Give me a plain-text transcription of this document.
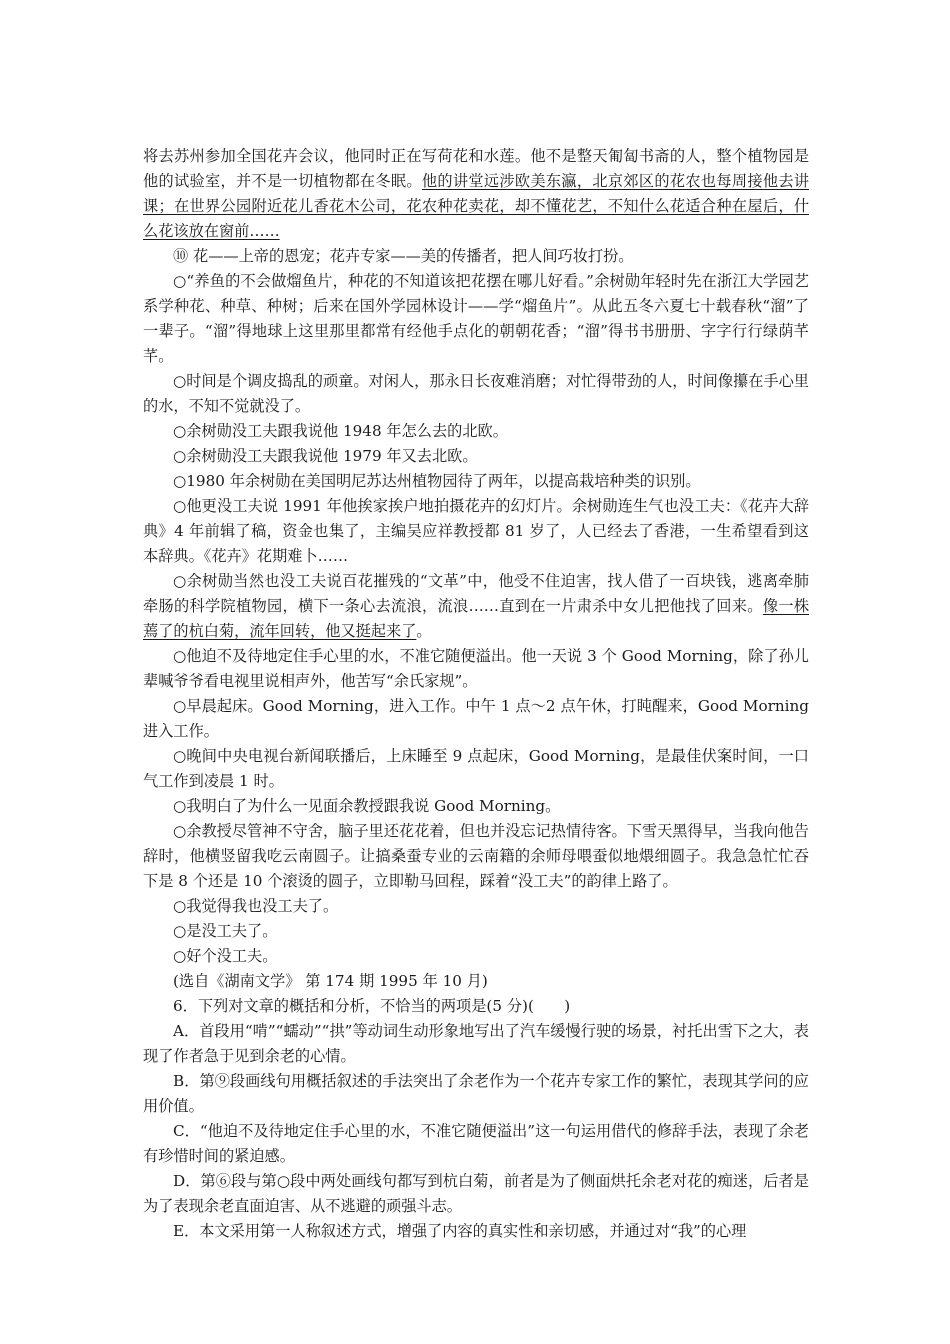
将去苏州参加全国花卉会议，他同时正在写荷花和水莲。他不是整天匍匐书斋的人，整个植物园是他的试验室，并不是一切植物都在冬眠。他的讲堂远涉欧美东瀛，北京郊区的花农也每周接他去讲课；在世界公园附近花儿香花木公司，花农种花卖花，却不懂花艺，不知什么花适合种在屋后，什么花该放在窗前……

⑩ 花——上帝的恩宠；花卉专家——美的传播者，把人间巧妆打扮。

○“养鱼的不会做熘鱼片，种花的不知道该把花摆在哪儿好看。”余树勋年轻时先在浙江大学园艺系学种花、种草、种树；后来在国外学园林设计——学“熘鱼片”。从此五冬六夏七十载春秋“溜”了一辈子。“溜”得地球上这里那里都常有经他手点化的朝朝花香；“溜”得书书册册、字字行行绿荫芊芊。

○时间是个调皮捣乱的顽童。对闲人，那永日长夜难消磨；对忙得带劲的人，时间像攥在手心里的水，不知不觉就没了。

○余树勋没工夫跟我说他 1948 年怎么去的北欧。

○余树勋没工夫跟我说他 1979 年又去北欧。

○1980 年余树勋在美国明尼苏达州植物园待了两年，以提高栽培种类的识别。

○他更没工夫说 1991 年他挨家挨户地拍摄花卉的幻灯片。余树勋连生气也没工夫：《花卉大辞典》4 年前辑了稿，资金也集了，主编吴应祥教授都 81 岁了，人已经去了香港，一生希望看到这本辞典。《花卉》花期难卜……

○余树勋当然也没工夫说百花摧残的“文革”中，他受不住迫害，找人借了一百块钱，逃离牵肺牵肠的科学院植物园，横下一条心去流浪，流浪……直到在一片肃杀中女儿把他找了回来。像一株蔫了的杭白菊，流年回转，他又挺起来了。

○他迫不及待地定住手心里的水，不准它随便溢出。他一天说 3 个 Good Morning，除了孙儿辈喊爷爷看电视里说相声外，他苦写“余氏家规”。

○早晨起床。Good Morning，进入工作。中午 1 点～2 点午休，打盹醒来，Good Morning 进入工作。

○晚间中央电视台新闻联播后，上床睡至 9 点起床，Good Morning，是最佳伏案时间，一口气工作到凌晨 1 时。

○我明白了为什么一见面余教授跟我说 Good Morning。

○余教授尽管神不守舍，脑子里还花花着，但也并没忘记热情待客。下雪天黑得早，当我向他告辞时，他横竖留我吃云南圆子。让搞桑蚕专业的云南籍的余师母喂蚕似地煨细圆子。我急急忙忙吞下是 8 个还是 10 个滚烫的圆子，立即勒马回程，踩着“没工夫”的韵律上路了。

○我觉得我也没工夫了。

○是没工夫了。

○好个没工夫。

(选自《湖南文学》 第 174 期 1995 年 10 月)

6．下列对文章的概括和分析，不恰当的两项是(5 分)(　　)

A．首段用“啃”“蠕动”“拱”等动词生动形象地写出了汽车缓慢行驶的场景，衬托出雪下之大，表现了作者急于见到余老的心情。

B．第⑨段画线句用概括叙述的手法突出了余老作为一个花卉专家工作的繁忙，表现其学问的应用价值。

C．“他迫不及待地定住手心里的水，不准它随便溢出”这一句运用借代的修辞手法，表现了余老有珍惜时间的紧迫感。

D．第⑥段与第○段中两处画线句都写到杭白菊，前者是为了侧面烘托余老对花的痴迷，后者是为了表现余老直面迫害、从不逃避的顽强斗志。

E．本文采用第一人称叙述方式，增强了内容的真实性和亲切感，并通过对“我”的心理
